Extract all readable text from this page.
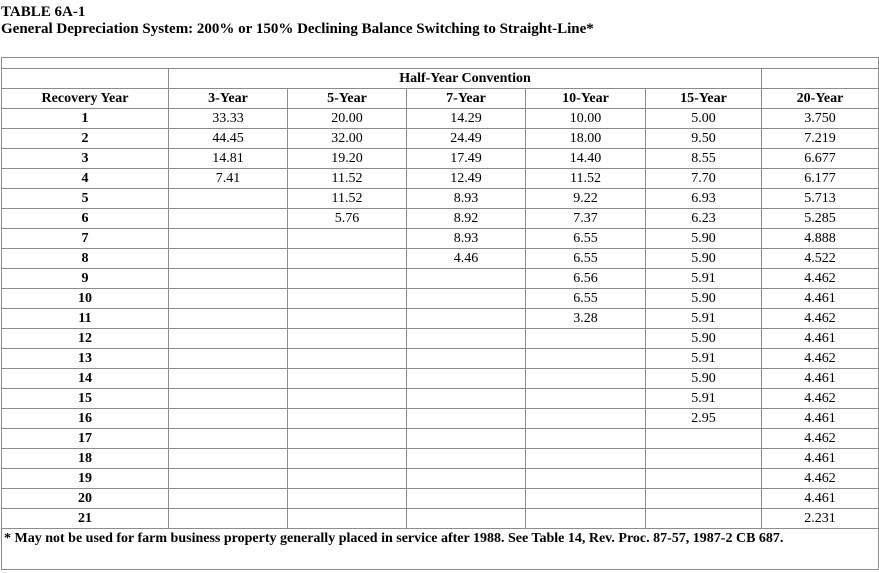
TABLE 6A-1
General Depreciation System: 200% or 150% Declining Balance Switching to Straight-Line*

	Half-Year Convention					
Recovery Year	3-Year	5-Year	7-Year	10-Year	15-Year	20-Year
1	33.33	20.00	14.29	10.00	5.00	3.750
2	44.45	32.00	24.49	18.00	9.50	7.219
3	14.81	19.20	17.49	14.40	8.55	6.677
4	7.41	11.52	12.49	11.52	7.70	6.177
5		11.52	8.93	9.22	6.93	5.713
6		5.76	8.92	7.37	6.23	5.285
7			8.93	6.55	5.90	4.888
8			4.46	6.55	5.90	4.522
9				6.56	5.91	4.462
10				6.55	5.90	4.461
11				3.28	5.91	4.462
12					5.90	4.461
13					5.91	4.462
14					5.90	4.461
15					5.91	4.462
16					2.95	4.461
17						4.462
18						4.461
19						4.462
20						4.461
21						2.231
* May not be used for farm business property generally placed in service after 1988. See Table 14, Rev. Proc. 87-57, 1987-2 CB 687.						
